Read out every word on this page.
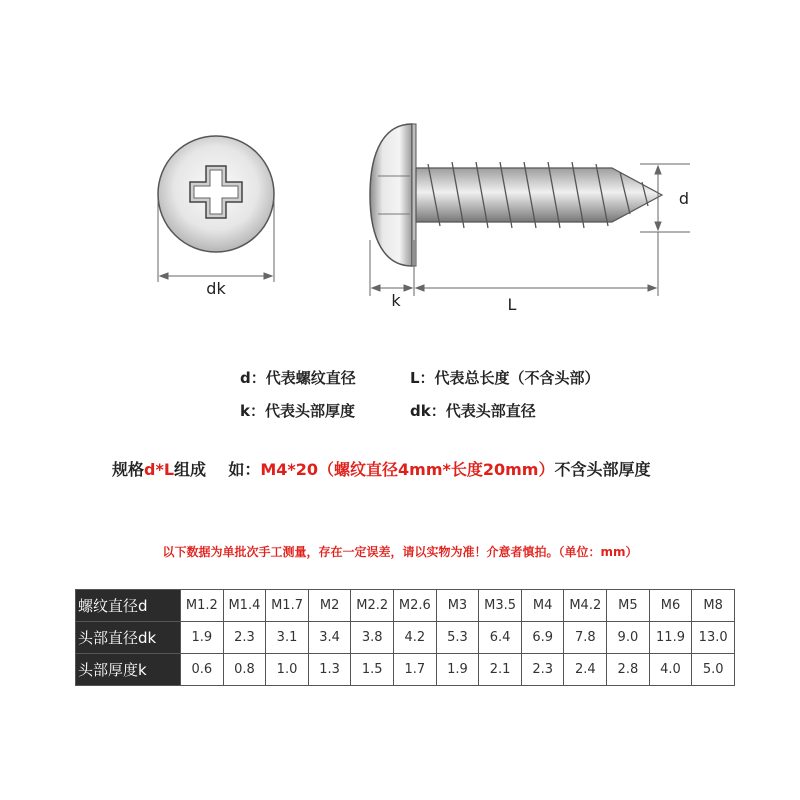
dk
d
k	L
d：代表螺纹直径	L：代表总长度（不含头部）
k：代表头部厚度	dk：代表头部直径
规格d*L组成    如：M4*20（螺纹直径4mm*长度20mm）不含头部厚度
以下数据为单批次手工测量，存在一定误差，请以实物为准！介意者慎拍。（单位：mm）
螺纹直径d	M1.2	M1.4	M1.7	M2	M2.2	M2.6	M3	M3.5	M4	M4.2	M5	M6	M8
头部直径dk	1.9	2.3	3.1	3.4	3.8	4.2	5.3	6.4	6.9	7.8	9.0	11.9	13.0
头部厚度k	0.6	0.8	1.0	1.3	1.5	1.7	1.9	2.1	2.3	2.4	2.8	4.0	5.0
